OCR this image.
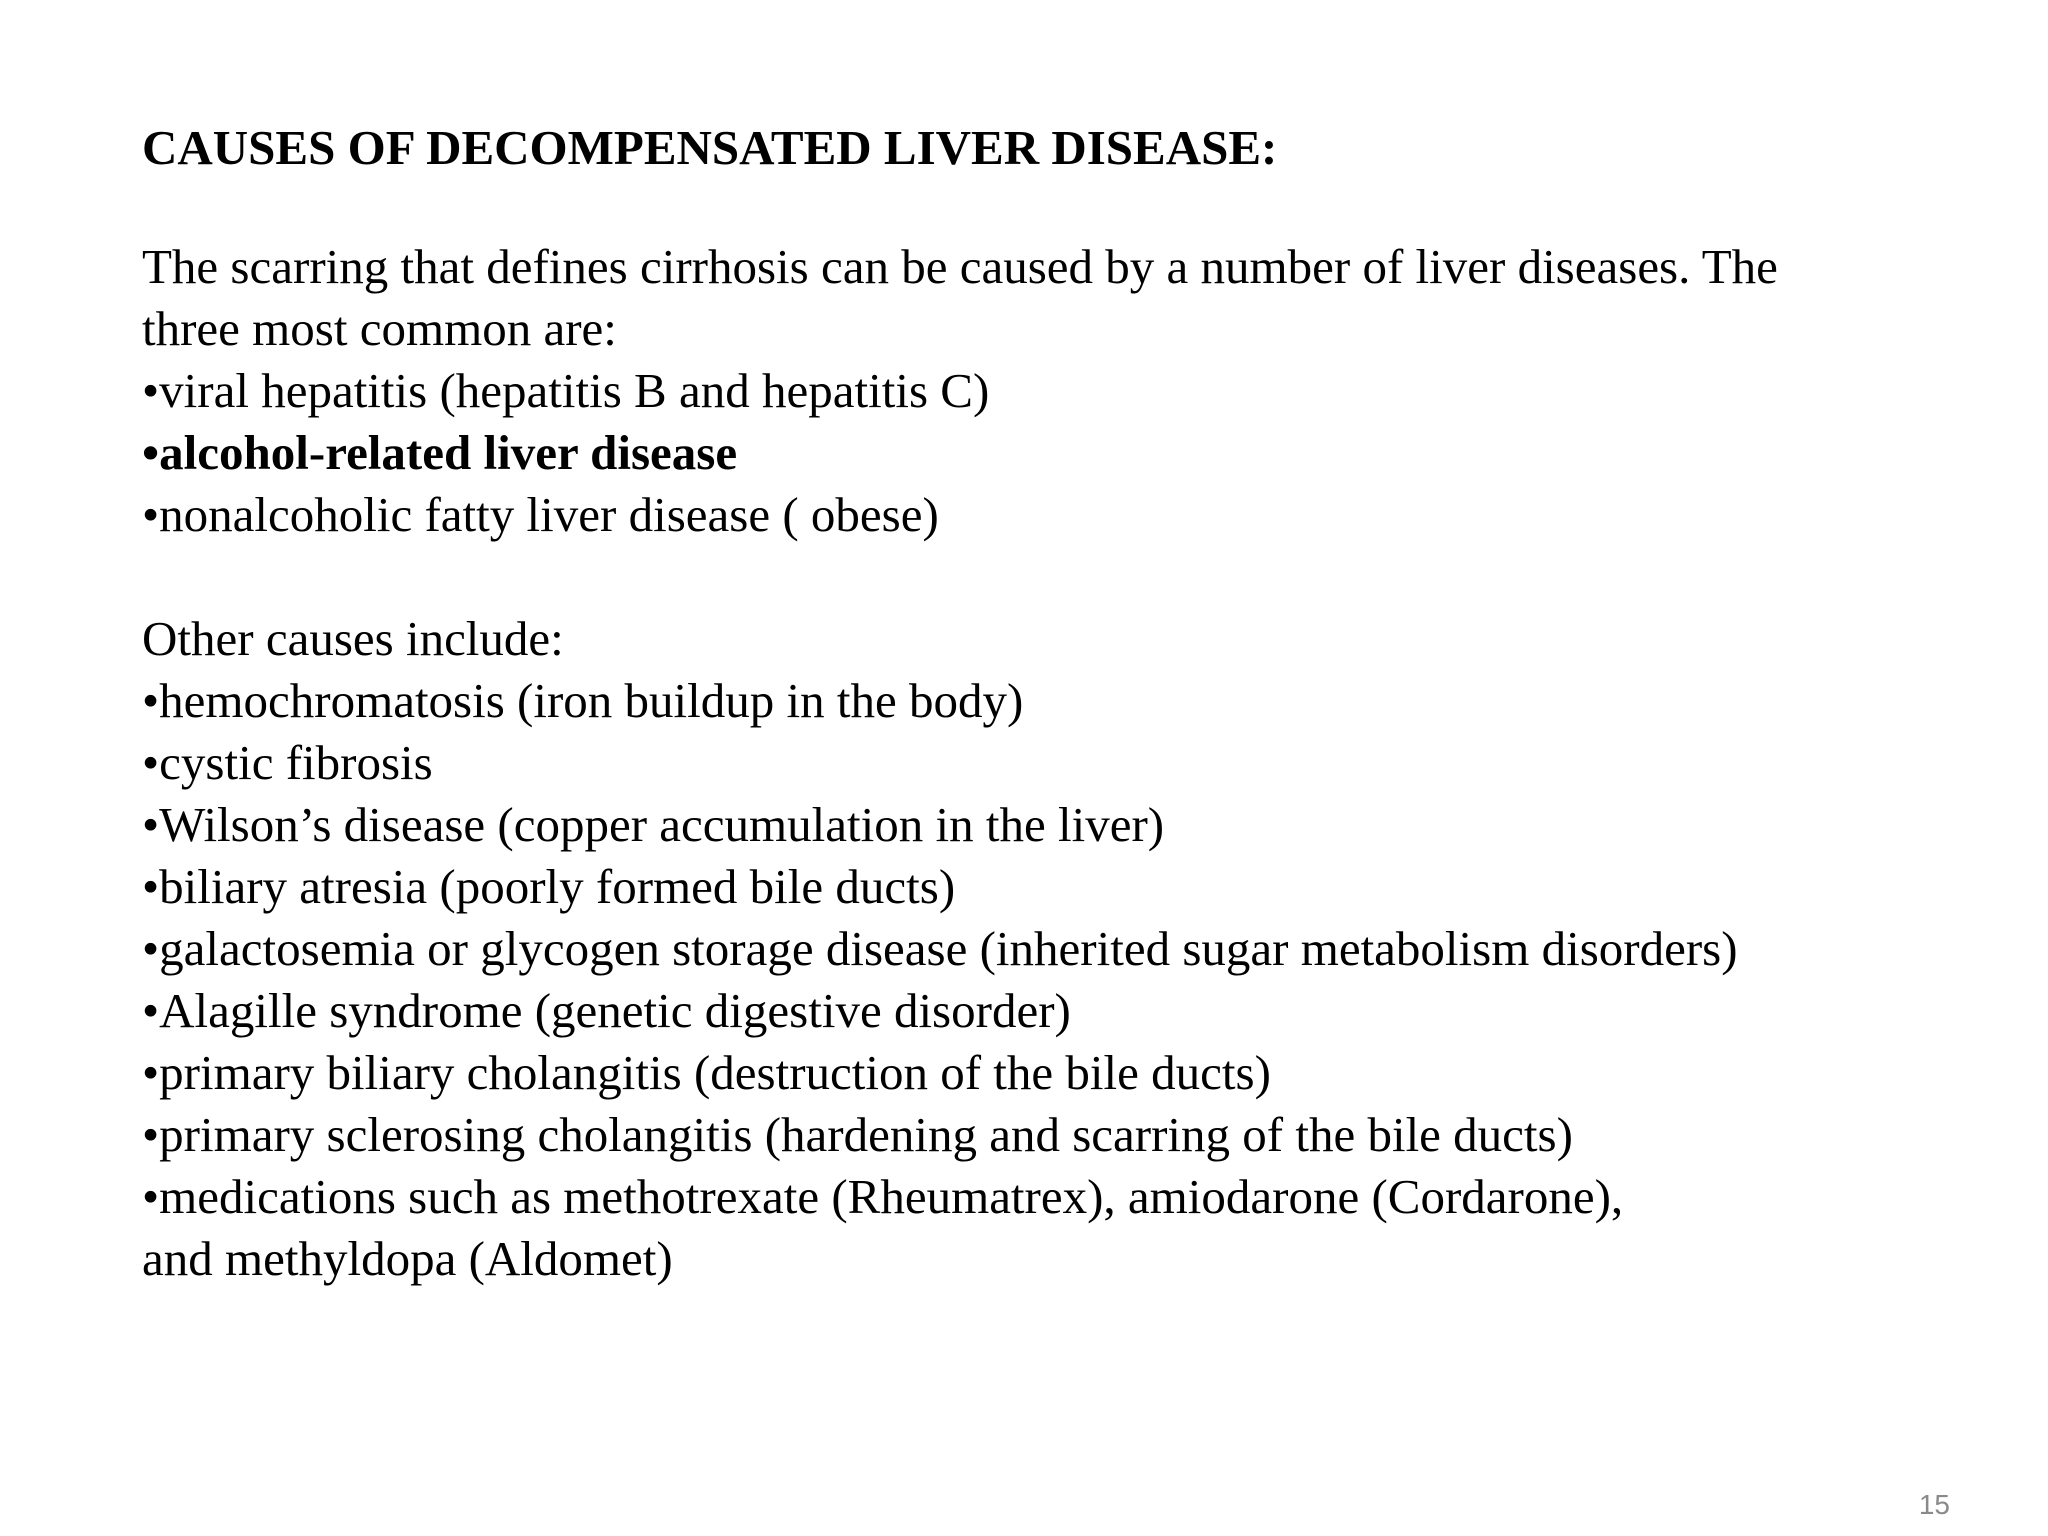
CAUSES OF DECOMPENSATED LIVER DISEASE:
The scarring that defines cirrhosis can be caused by a number of liver diseases. The
three most common are:
•viral hepatitis (hepatitis B and hepatitis C)
•alcohol-related liver disease
•nonalcoholic fatty liver disease ( obese)
Other causes include:
•hemochromatosis (iron buildup in the body)
•cystic fibrosis
•Wilson’s disease (copper accumulation in the liver)
•biliary atresia (poorly formed bile ducts)
•galactosemia or glycogen storage disease (inherited sugar metabolism disorders)
•Alagille syndrome (genetic digestive disorder)
•primary biliary cholangitis (destruction of the bile ducts)
•primary sclerosing cholangitis (hardening and scarring of the bile ducts)
•medications such as methotrexate (Rheumatrex), amiodarone (Cordarone),
and methyldopa (Aldomet)
15
